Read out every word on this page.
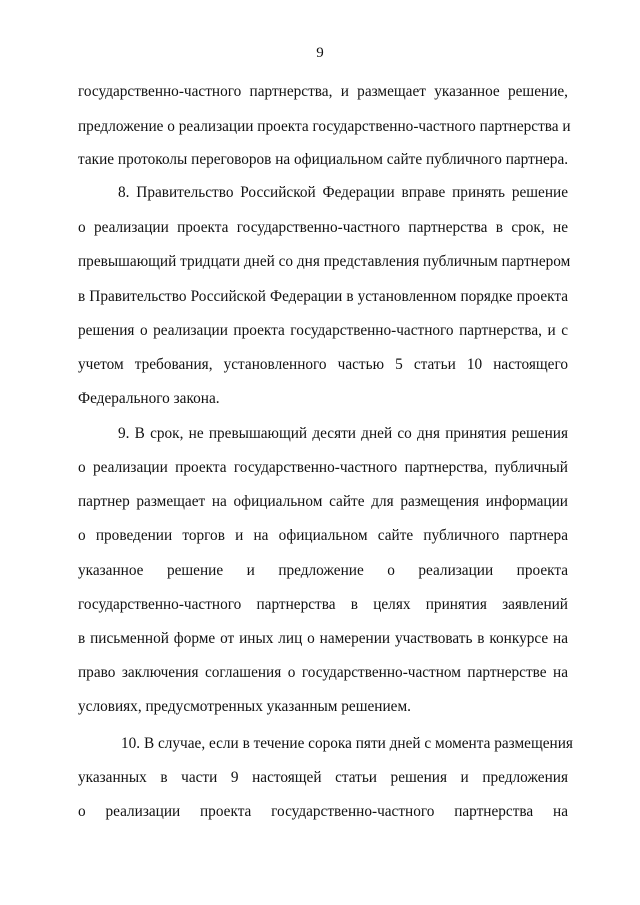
9
государственно-частного партнерства, и размещает указанное решение,
предложение о реализации проекта государственно-частного партнерства и
такие протоколы переговоров на официальном сайте публичного партнера.
8. Правительство Российской Федерации вправе принять решение
о реализации проекта государственно-частного партнерства в срок, не
превышающий тридцати дней со дня представления публичным партнером
в Правительство Российской Федерации в установленном порядке проекта
решения о реализации проекта государственно-частного партнерства, и с
учетом требования, установленного частью 5 статьи 10 настоящего
Федерального закона.
9. В срок, не превышающий десяти дней со дня принятия решения
о реализации проекта государственно-частного партнерства, публичный
партнер размещает на официальном сайте для размещения информации
о проведении торгов и на официальном сайте публичного партнера
указанное решение и предложение о реализации проекта
государственно-частного партнерства в целях принятия заявлений
в письменной форме от иных лиц о намерении участвовать в конкурсе на
право заключения соглашения о государственно-частном партнерстве на
условиях, предусмотренных указанным решением.
10. В случае, если в течение сорока пяти дней с момента размещения
указанных в части 9 настоящей статьи решения и предложения
о реализации проекта государственно-частного партнерства на
